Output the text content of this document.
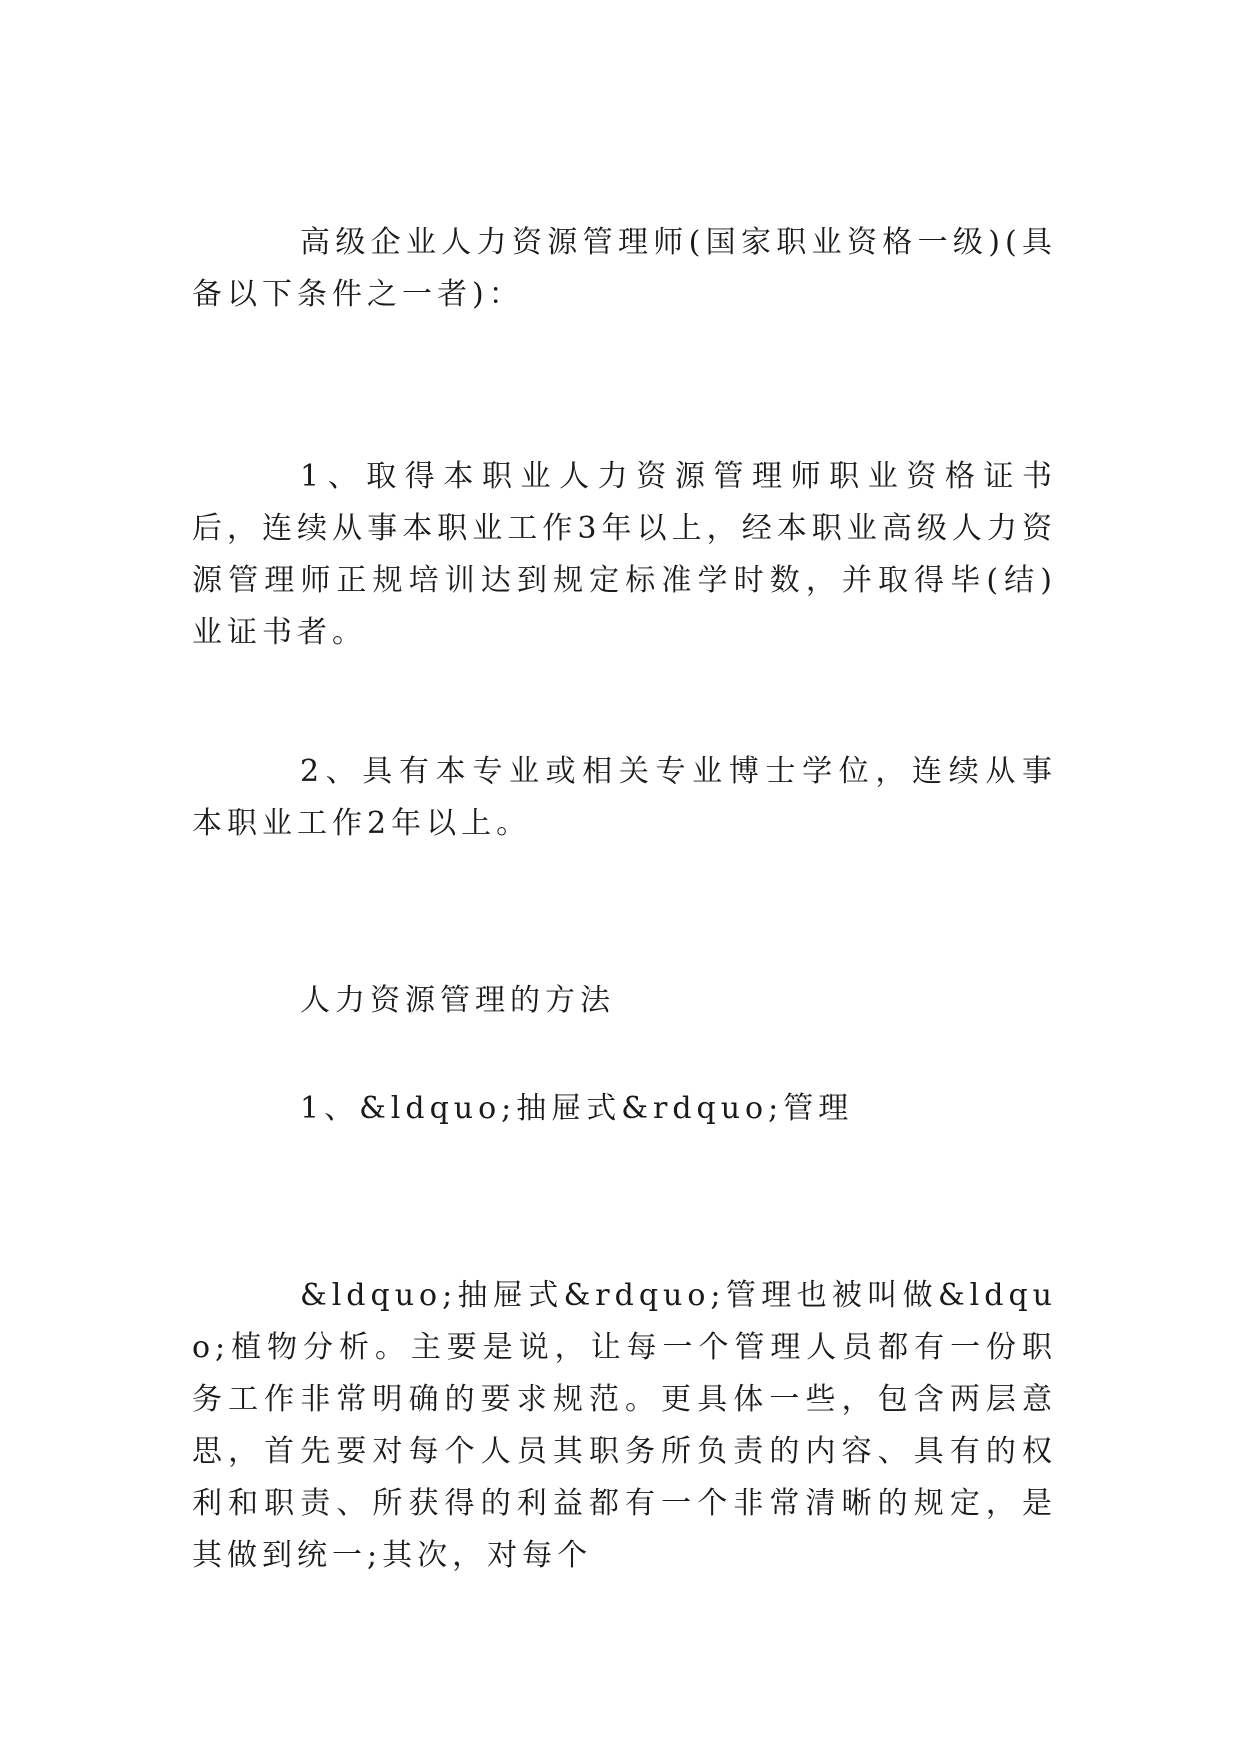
高级企业人力资源管理师(国家职业资格一级)(具备以下条件之一者)：

1、取得本职业人力资源管理师职业资格证书后，连续从事本职业工作3年以上，经本职业高级人力资源管理师正规培训达到规定标准学时数，并取得毕(结)业证书者。

2、具有本专业或相关专业博士学位，连续从事本职业工作2年以上。

人力资源管理的方法

1、&ldquo;抽屉式&rdquo;管理

&ldquo;抽屉式&rdquo;管理也被叫做&ldquo;植物分析。主要是说，让每一个管理人员都有一份职务工作非常明确的要求规范。更具体一些，包含两层意思，首先要对每个人员其职务所负责的内容、具有的权利和职责、所获得的利益都有一个非常清晰的规定，是其做到统一;其次，对每个
